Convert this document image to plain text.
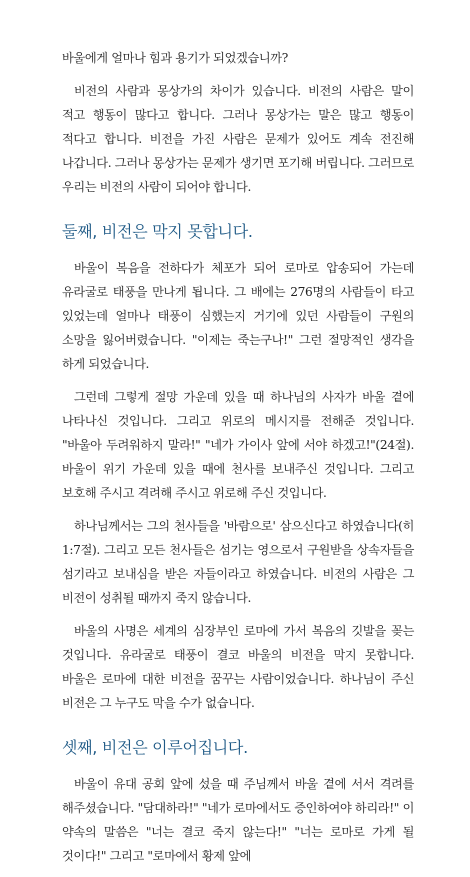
바울에게 얼마나 힘과 용기가 되었겠습니까?

비전의 사람과 몽상가의 차이가 있습니다. 비전의 사람은 말이 적고 행동이 많다고 합니다. 그러나 몽상가는 말은 많고 행동이 적다고 합니다. 비전을 가진 사람은 문제가 있어도 계속 전진해 나갑니다. 그러나 몽상가는 문제가 생기면 포기해 버립니다. 그러므로 우리는 비전의 사람이 되어야 합니다.

둘째, 비전은 막지 못합니다.

바울이 복음을 전하다가 체포가 되어 로마로 압송되어 가는데 유라굴로 태풍을 만나게 됩니다. 그 배에는 276명의 사람들이 타고 있었는데 얼마나 태풍이 심했는지 거기에 있던 사람들이 구원의 소망을 잃어버렸습니다. "이제는 죽는구나!" 그런 절망적인 생각을 하게 되었습니다.

그런데 그렇게 절망 가운데 있을 때 하나님의 사자가 바울 곁에 나타나신 것입니다. 그리고 위로의 메시지를 전해준 것입니다. "바울아 두려워하지 말라!" "네가 가이사 앞에 서야 하겠고!"(24절). 바울이 위기 가운데 있을 때에 천사를 보내주신 것입니다. 그리고 보호해 주시고 격려해 주시고 위로해 주신 것입니다.

하나님께서는 그의 천사들을 '바람으로' 삼으신다고 하였습니다(히 1:7절). 그리고 모든 천사들은 섬기는 영으로서 구원받을 상속자들을 섬기라고 보내심을 받은 자들이라고 하였습니다. 비전의 사람은 그 비전이 성취될 때까지 죽지 않습니다.

바울의 사명은 세계의 심장부인 로마에 가서 복음의 깃발을 꽂는 것입니다. 유라굴로 태풍이 결코 바울의 비전을 막지 못합니다. 바울은 로마에 대한 비전을 꿈꾸는 사람이었습니다. 하나님이 주신 비전은 그 누구도 막을 수가 없습니다.

셋째, 비전은 이루어집니다.

바울이 유대 공회 앞에 섰을 때 주님께서 바울 곁에 서서 격려를 해주셨습니다. "담대하라!" "네가 로마에서도 증인하여야 하리라!" 이 약속의 말씀은 "너는 결코 죽지 않는다!" "너는 로마로 가게 될 것이다!" 그리고 "로마에서 황제 앞에
